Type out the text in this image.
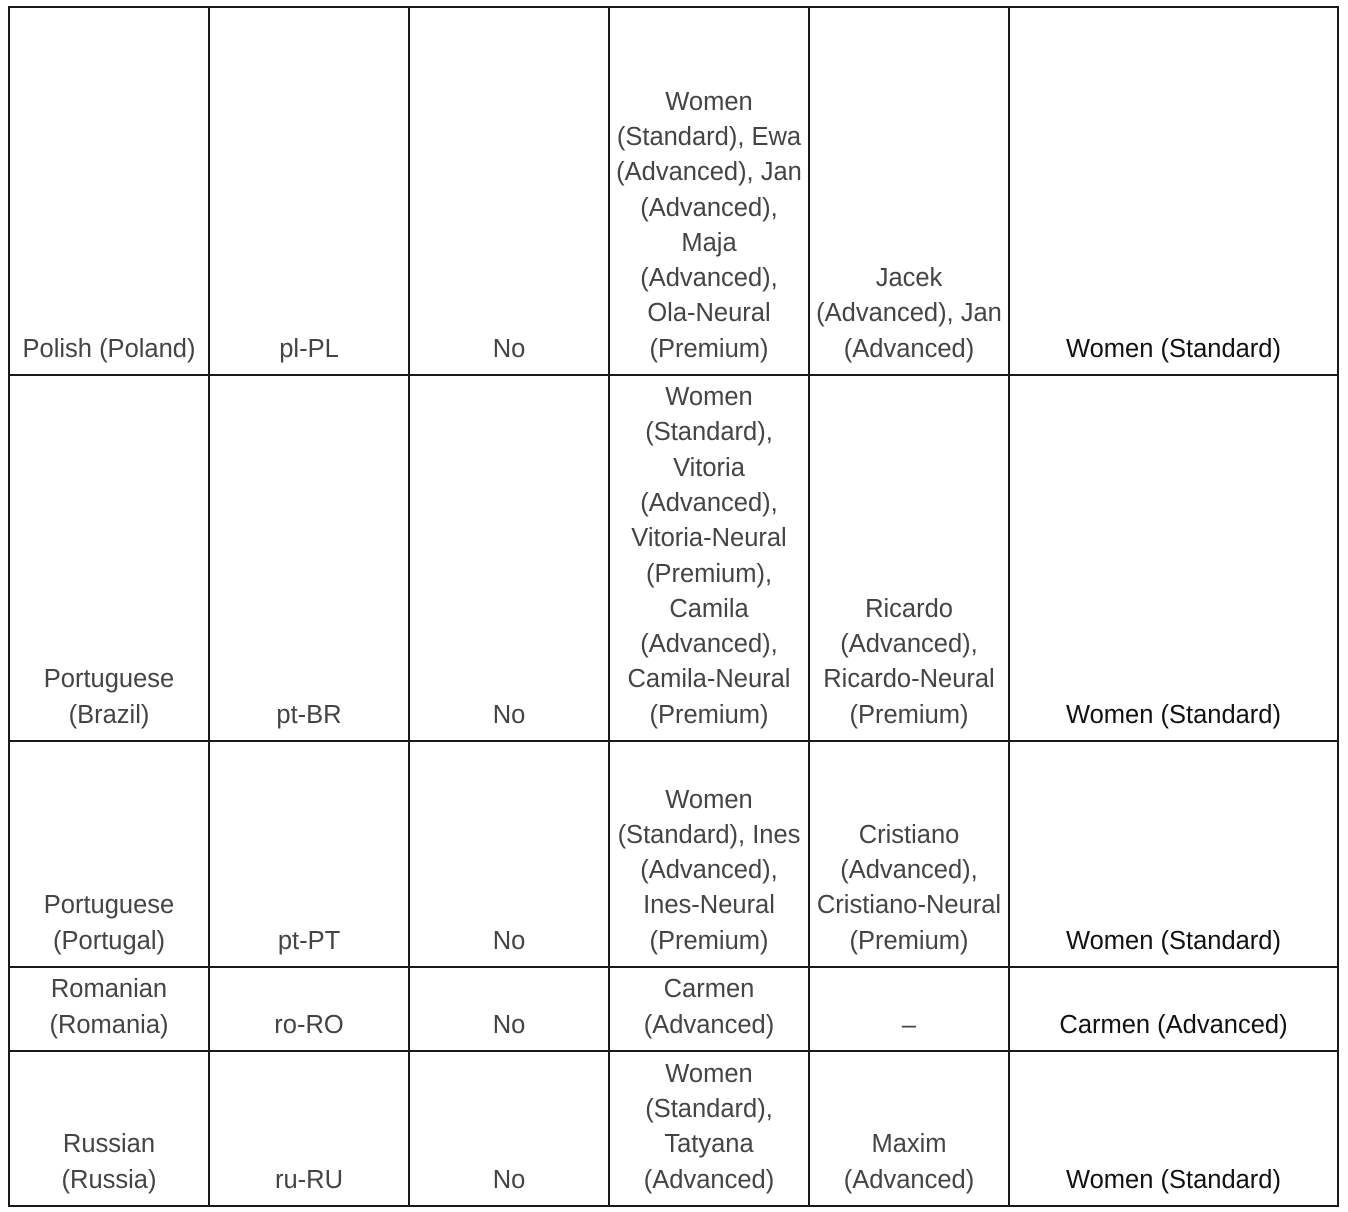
Polish (Poland)	pl-PL	No	Women (Standard), Ewa (Advanced), Jan (Advanced), Maja (Advanced), Ola-Neural (Premium)	Jacek (Advanced), Jan (Advanced)	Women (Standard)
Portuguese (Brazil)	pt-BR	No	Women (Standard), Vitoria (Advanced), Vitoria-Neural (Premium), Camila (Advanced), Camila-Neural (Premium)	Ricardo (Advanced), Ricardo-Neural (Premium)	Women (Standard)
Portuguese (Portugal)	pt-PT	No	Women (Standard), Ines (Advanced), Ines-Neural (Premium)	Cristiano (Advanced), Cristiano-Neural (Premium)	Women (Standard)
Romanian (Romania)	ro-RO	No	Carmen (Advanced)	–	Carmen (Advanced)
Russian (Russia)	ru-RU	No	Women (Standard), Tatyana (Advanced)	Maxim (Advanced)	Women (Standard)
